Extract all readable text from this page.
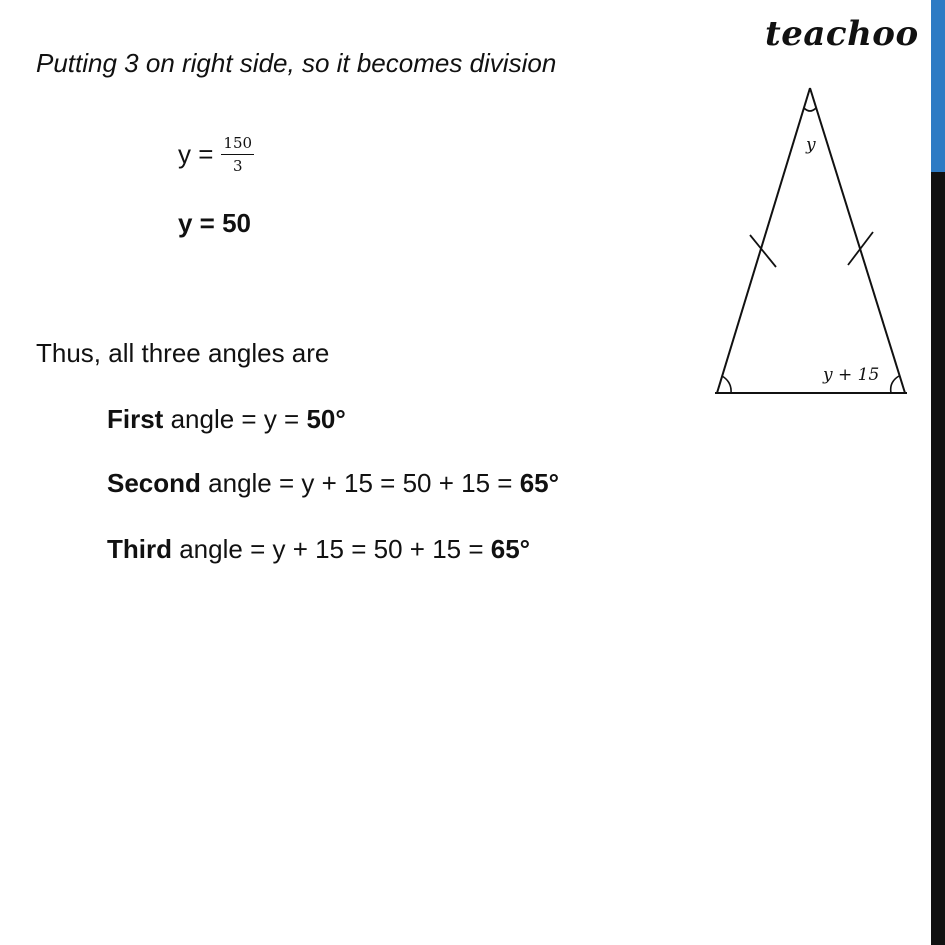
teachoo
Putting 3 on right side, so it becomes division
$y = \frac{150}{3}$
y = 50
Thus, all three angles are
First angle = y = 50°
Second angle = y + 15 = 50 + 15 = 65°
Third angle = y + 15 = 50 + 15 = 65°
y
y + 15
